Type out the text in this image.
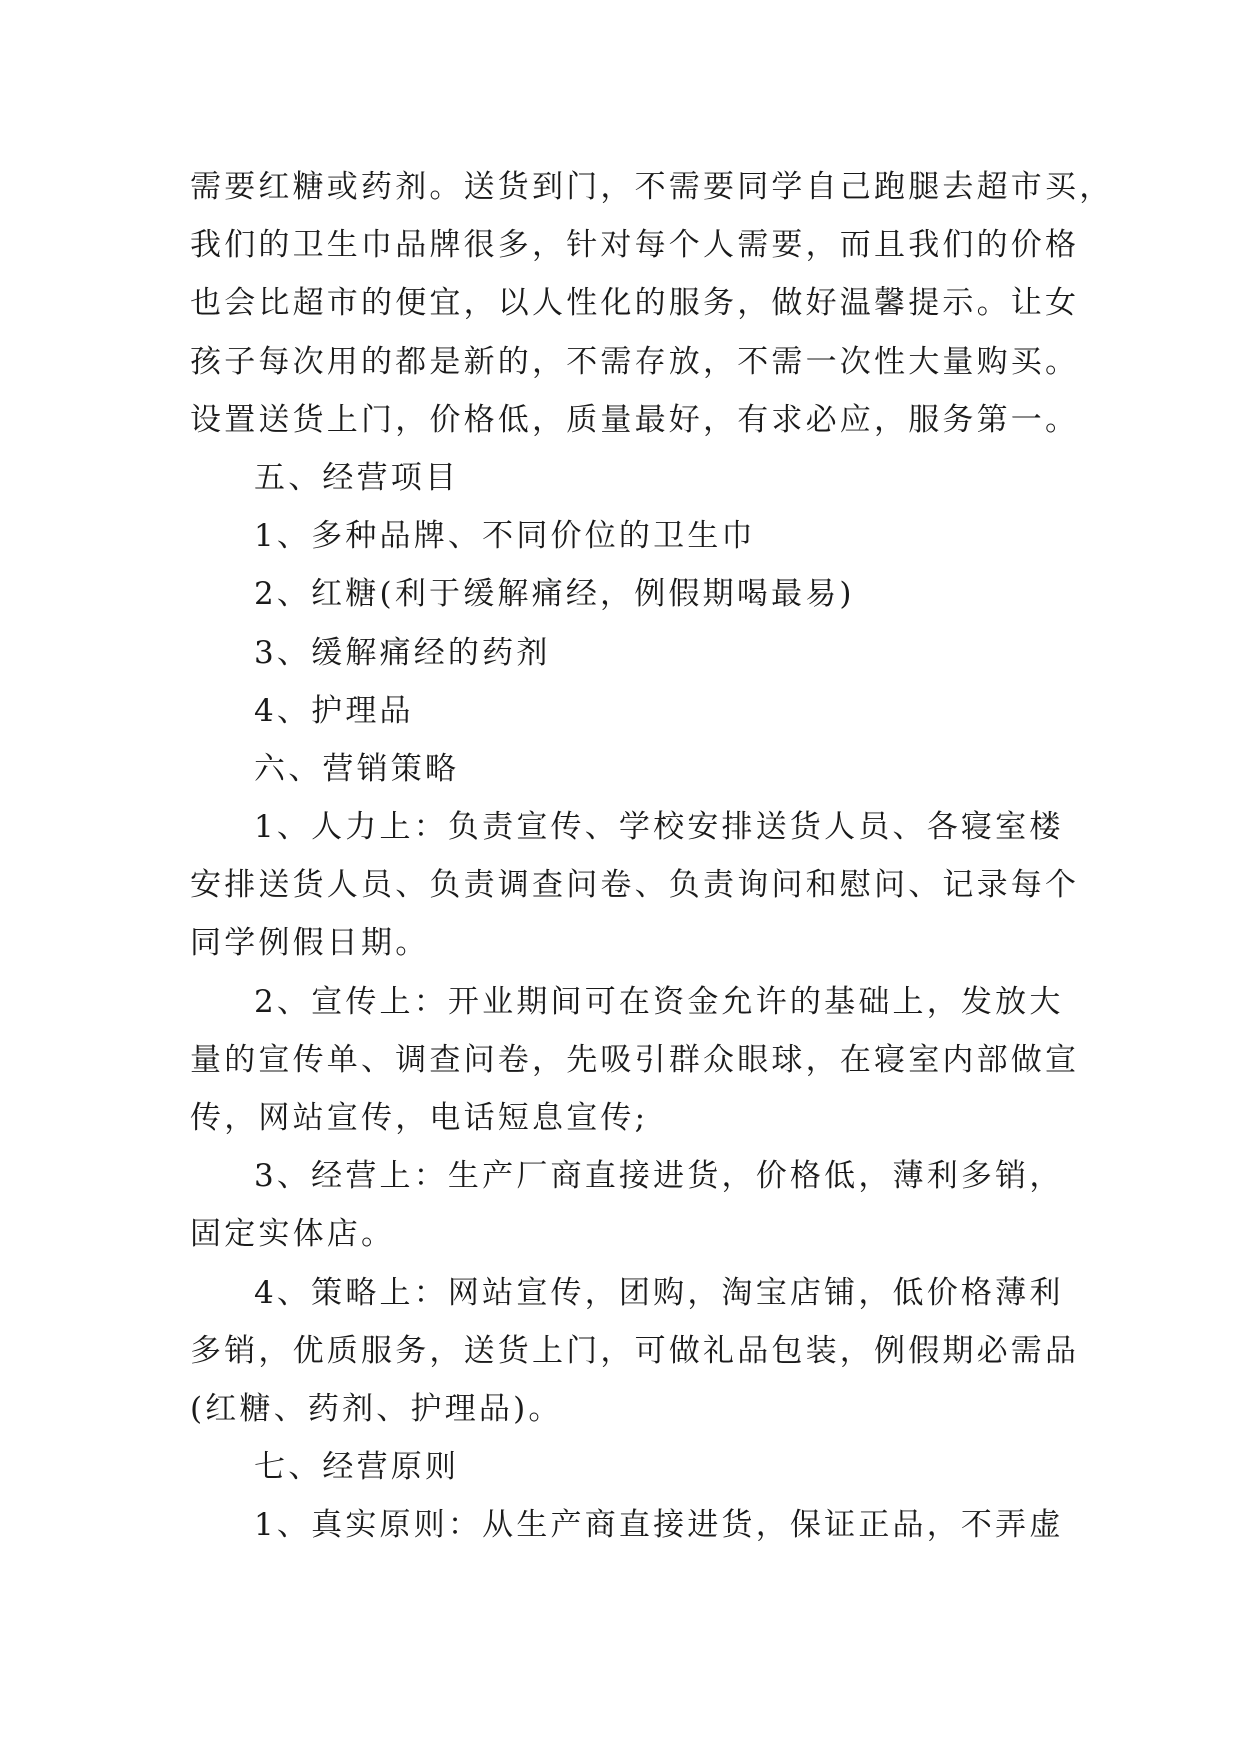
需要红糖或药剂。送货到门，不需要同学自己跑腿去超市买，
我们的卫生巾品牌很多，针对每个人需要，而且我们的价格
也会比超市的便宜，以人性化的服务，做好温馨提示。让女
孩子每次用的都是新的，不需存放，不需一次性大量购买。
设置送货上门，价格低，质量最好，有求必应，服务第一。
五、经营项目
1、多种品牌、不同价位的卫生巾
2、红糖(利于缓解痛经，例假期喝最易)
3、缓解痛经的药剂
4、护理品
六、营销策略
1、人力上：负责宣传、学校安排送货人员、各寝室楼
安排送货人员、负责调查问卷、负责询问和慰问、记录每个
同学例假日期。
2、宣传上：开业期间可在资金允许的基础上，发放大
量的宣传单、调查问卷，先吸引群众眼球，在寝室内部做宣
传，网站宣传，电话短息宣传;
3、经营上：生产厂商直接进货，价格低，薄利多销，
固定实体店。
4、策略上：网站宣传，团购，淘宝店铺，低价格薄利
多销，优质服务，送货上门，可做礼品包装，例假期必需品
(红糖、药剂、护理品)。
七、经营原则
1、真实原则：从生产商直接进货，保证正品，不弄虚
